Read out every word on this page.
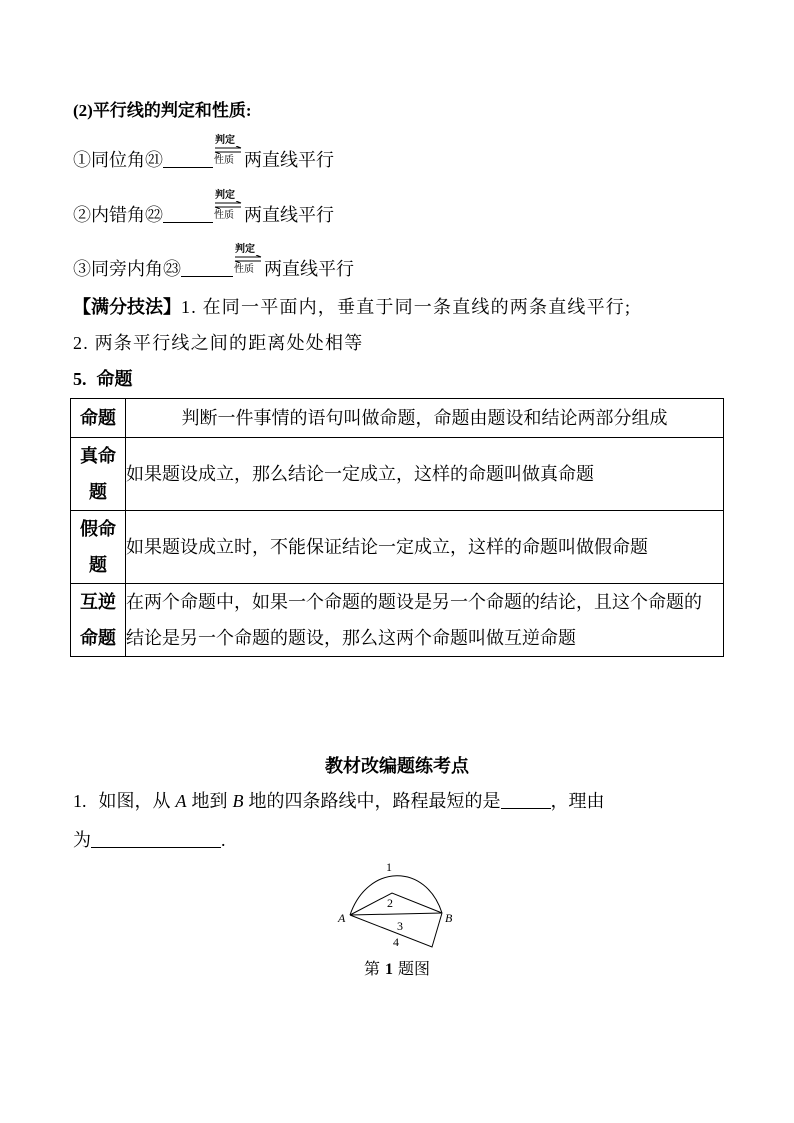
(2)平行线的判定和性质:
①同位角㉑
判定
性质 两直线平行
②内错角㉒
判定
性质 两直线平行
③同旁内角㉓
判定
性质 两直线平行
【满分技法】1. 在同一平面内，垂直于同一条直线的两条直线平行;
2. 两条平行线之间的距离处处相等
5. 命题
命题	判断一件事情的语句叫做命题，命题由题设和结论两部分组成

真命题	如果题设成立，那么结论一定成立，这样的命题叫做真命题

假命题	如果题设成立时，不能保证结论一定成立，这样的命题叫做假命题

互逆命题	在两个命题中，如果一个命题的题设是另一个命题的结论，且这个命题的
结论是另一个命题的题设，那么这两个命题叫做互逆命题
教材改编题练考点
1. 如图，从 A 地到 B 地的四条路线中，路程最短的是	，理由
为	.
1
2
3
4
A	B
第 1 题图
